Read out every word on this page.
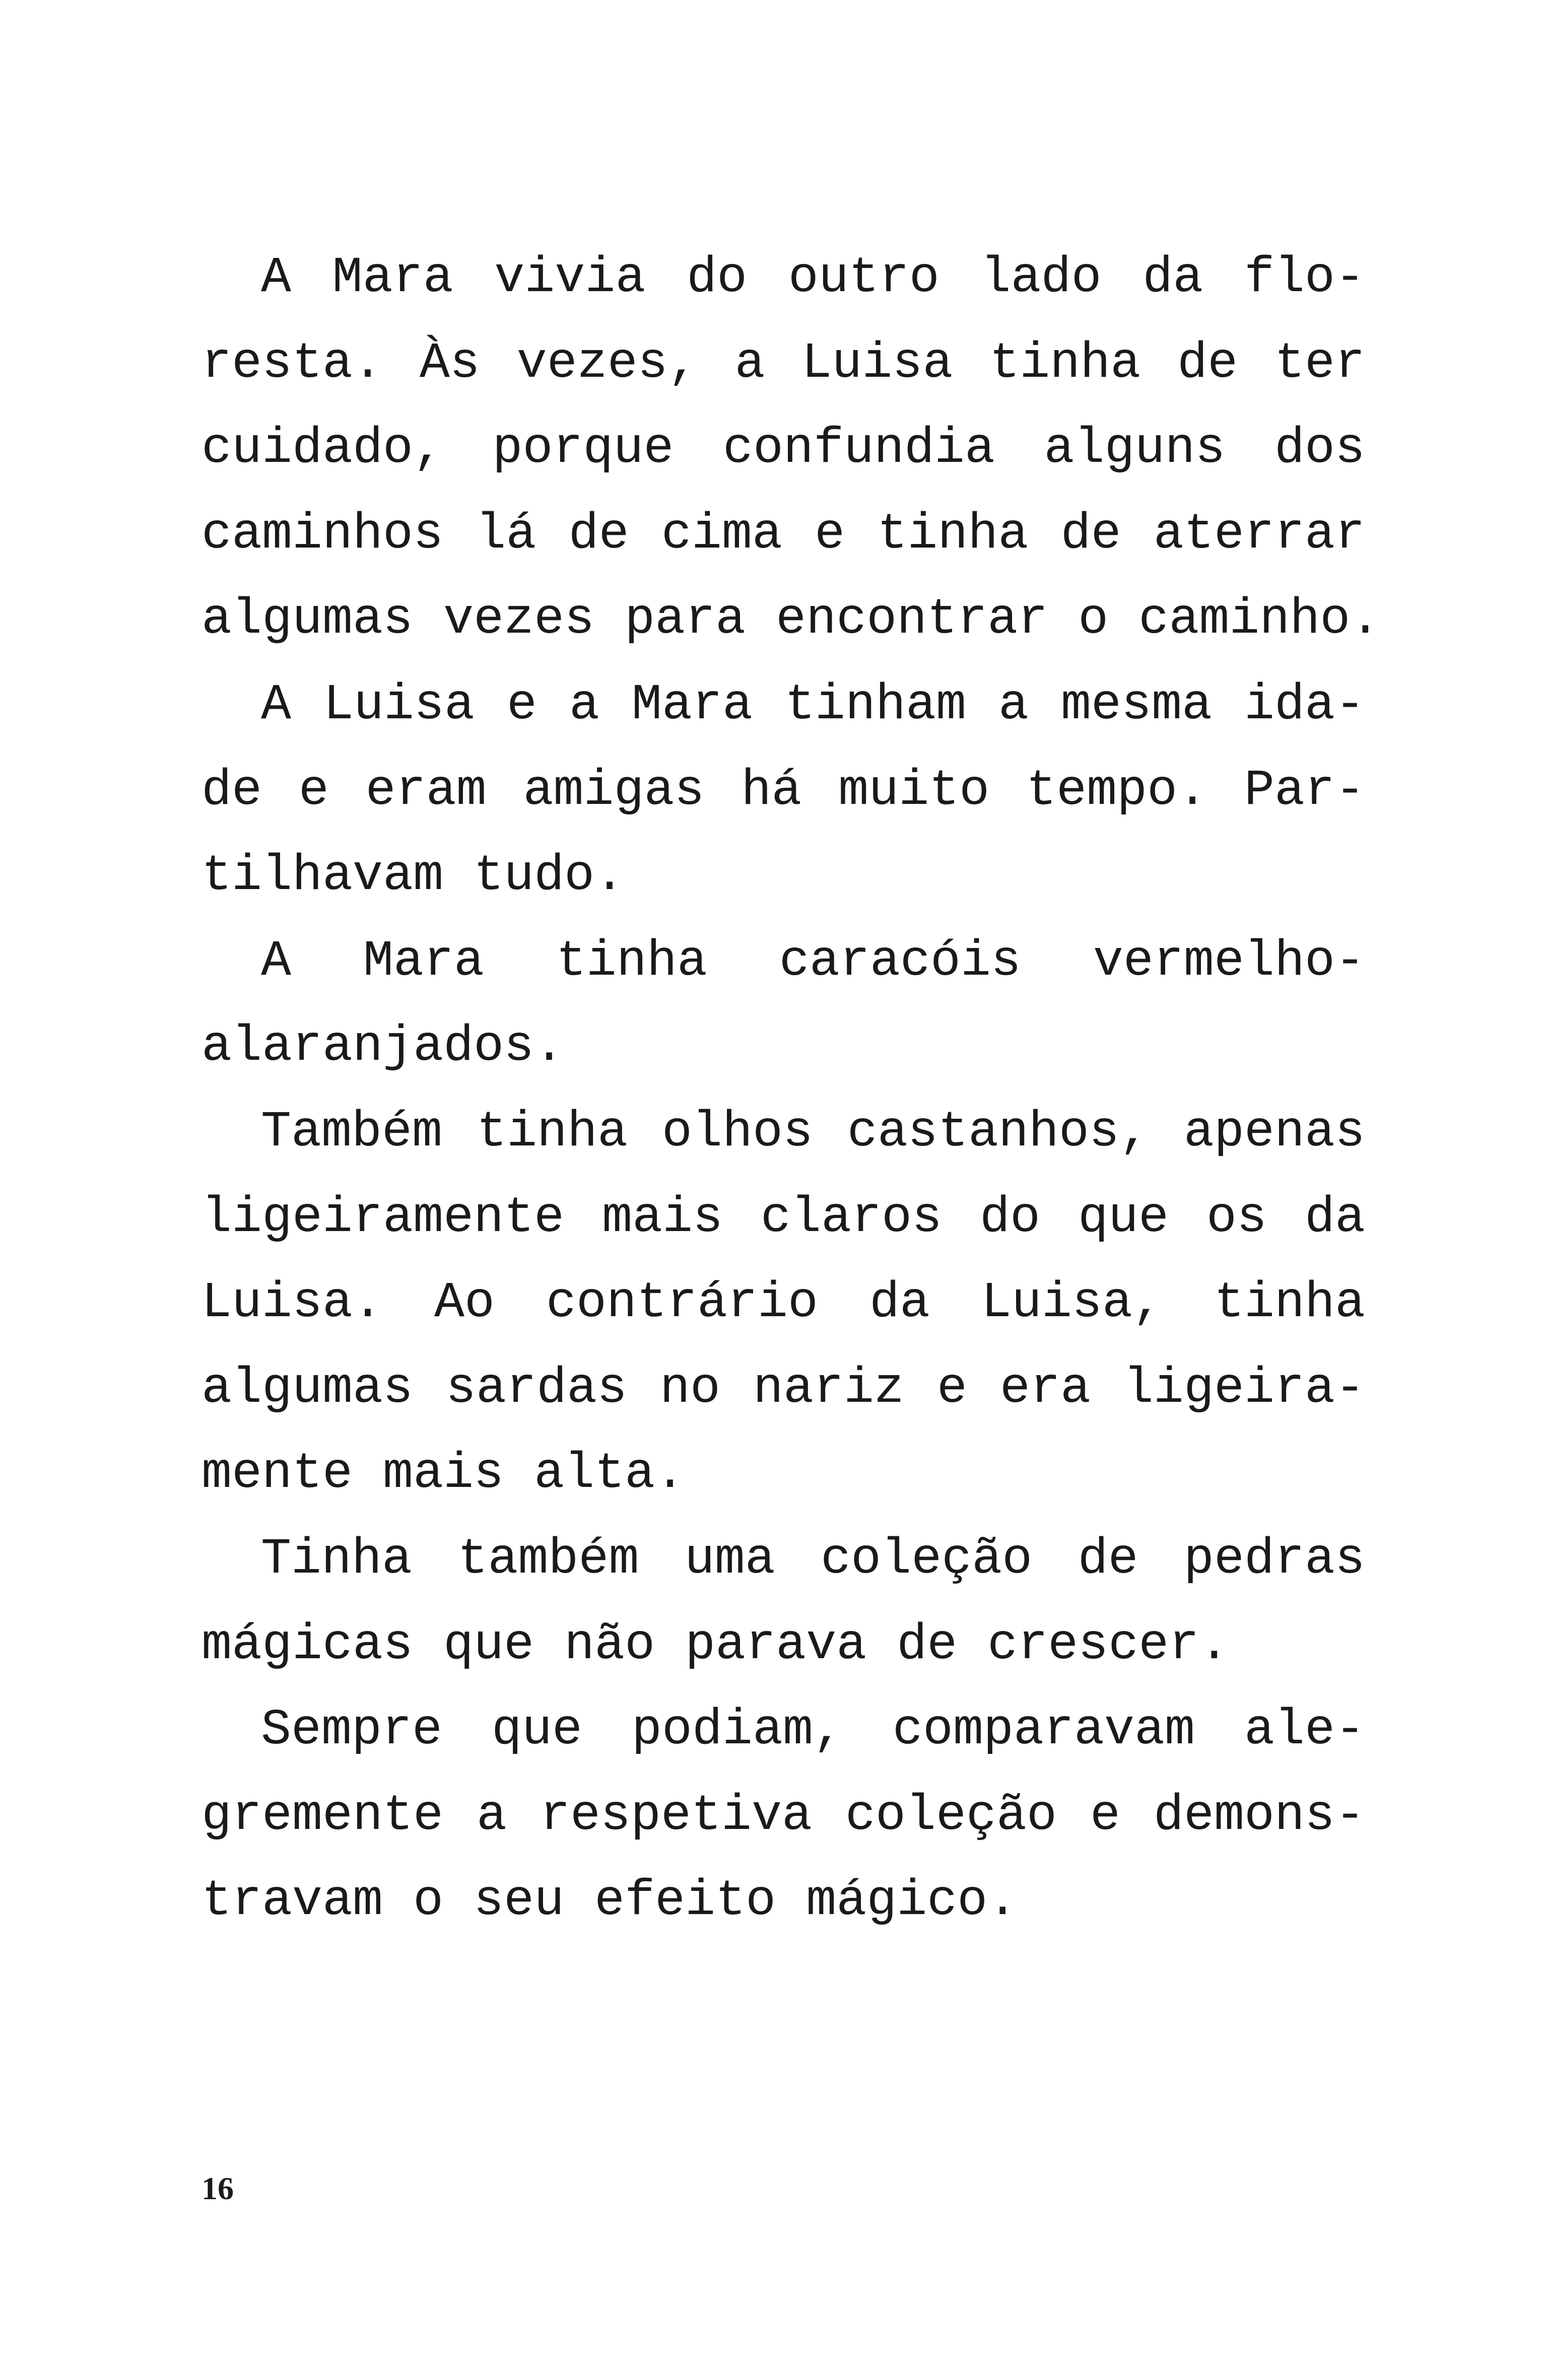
A Mara vivia do outro lado da flo-
resta. Às vezes, a Luisa tinha de ter
cuidado, porque confundia alguns dos
caminhos lá de cima e tinha de aterrar
algumas vezes para encontrar o caminho.
A Luisa e a Mara tinham a mesma ida-
de e eram amigas há muito tempo. Par-
tilhavam tudo.
A Mara tinha caracóis vermelho-
alaranjados.
Também tinha olhos castanhos, apenas
ligeiramente mais claros do que os da
Luisa. Ao contrário da Luisa, tinha
algumas sardas no nariz e era ligeira-
mente mais alta.
Tinha também uma coleção de pedras
mágicas que não parava de crescer.
Sempre que podiam, comparavam ale-
gremente a respetiva coleção e demons-
travam o seu efeito mágico.
16
